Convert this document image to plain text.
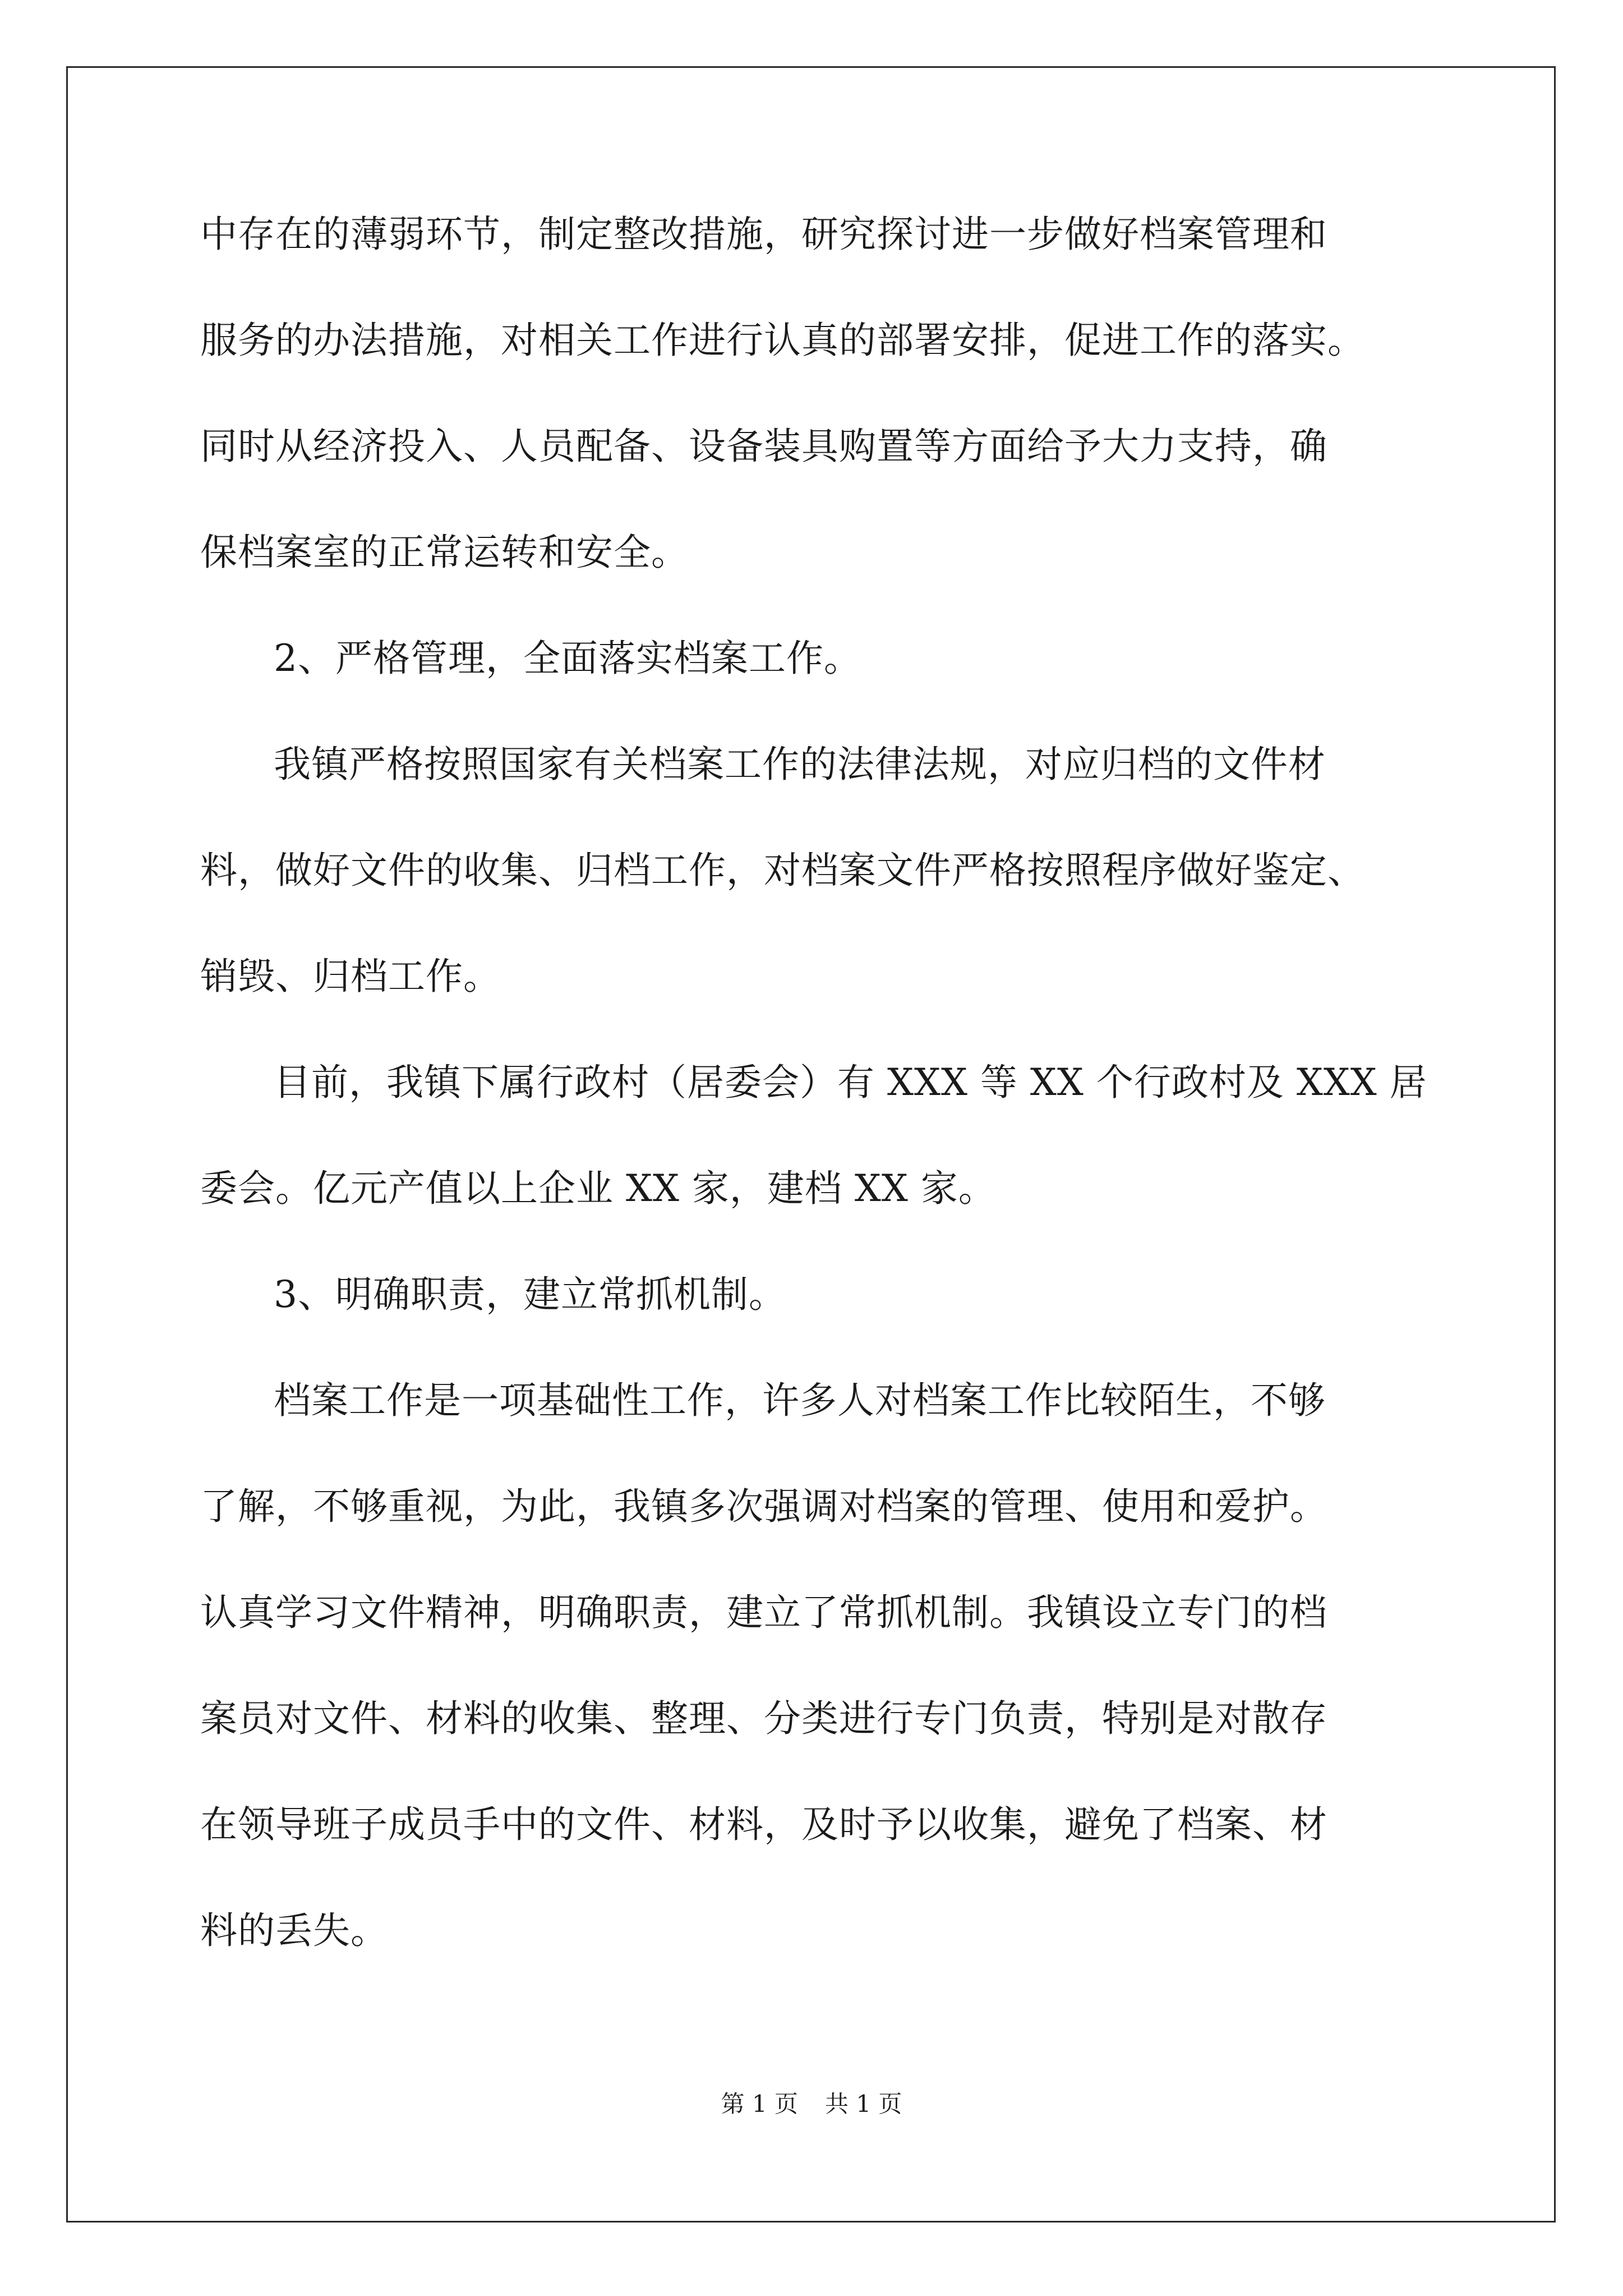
中存在的薄弱环节，制定整改措施，研究探讨进一步做好档案管理和
服务的办法措施，对相关工作进行认真的部署安排，促进工作的落实。
同时从经济投入、人员配备、设备装具购置等方面给予大力支持，确
保档案室的正常运转和安全。
2、严格管理，全面落实档案工作。
我镇严格按照国家有关档案工作的法律法规，对应归档的文件材
料，做好文件的收集、归档工作，对档案文件严格按照程序做好鉴定、
销毁、归档工作。
目前，我镇下属行政村（居委会）有 XXX 等 XX 个行政村及 XXX 居
委会。亿元产值以上企业 XX 家，建档 XX 家。
3、明确职责，建立常抓机制。
档案工作是一项基础性工作，许多人对档案工作比较陌生，不够
了解，不够重视，为此，我镇多次强调对档案的管理、使用和爱护。
认真学习文件精神，明确职责，建立了常抓机制。我镇设立专门的档
案员对文件、材料的收集、整理、分类进行专门负责，特别是对散存
在领导班子成员手中的文件、材料，及时予以收集，避免了档案、材
料的丢失。
第 1 页 共 1 页
